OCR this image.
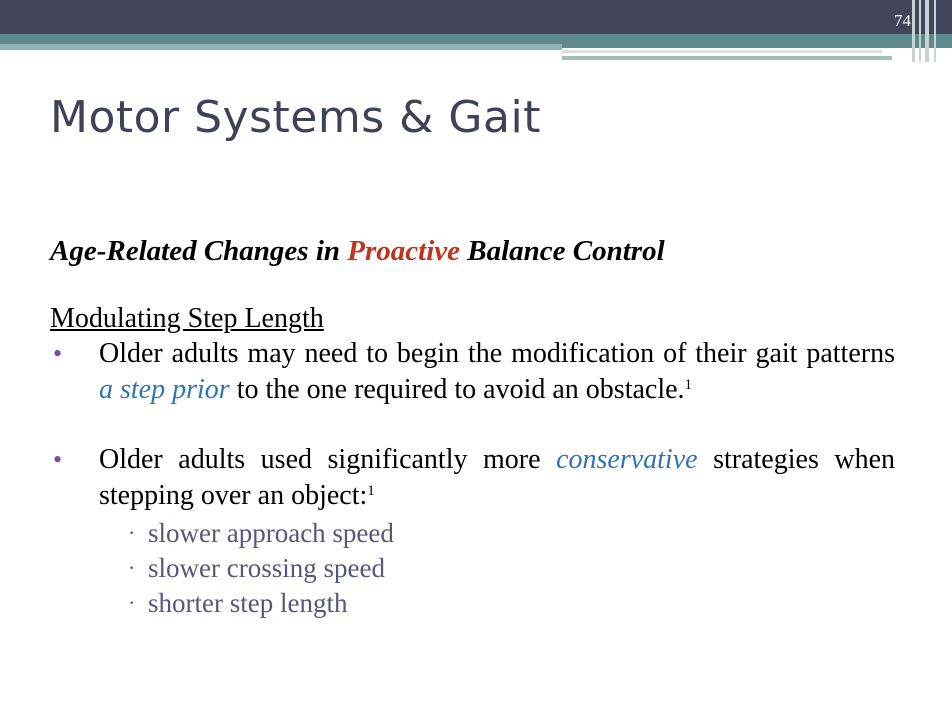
74
Motor Systems & Gait
Age-Related Changes in Proactive Balance Control
Modulating Step Length
• Older adults may need to begin the modification of their gait patterns a step prior to the one required to avoid an obstacle.$^1$
• Older adults used significantly more conservative strategies when stepping over an object:$^1$
· slower approach speed
· slower crossing speed
· shorter step length
